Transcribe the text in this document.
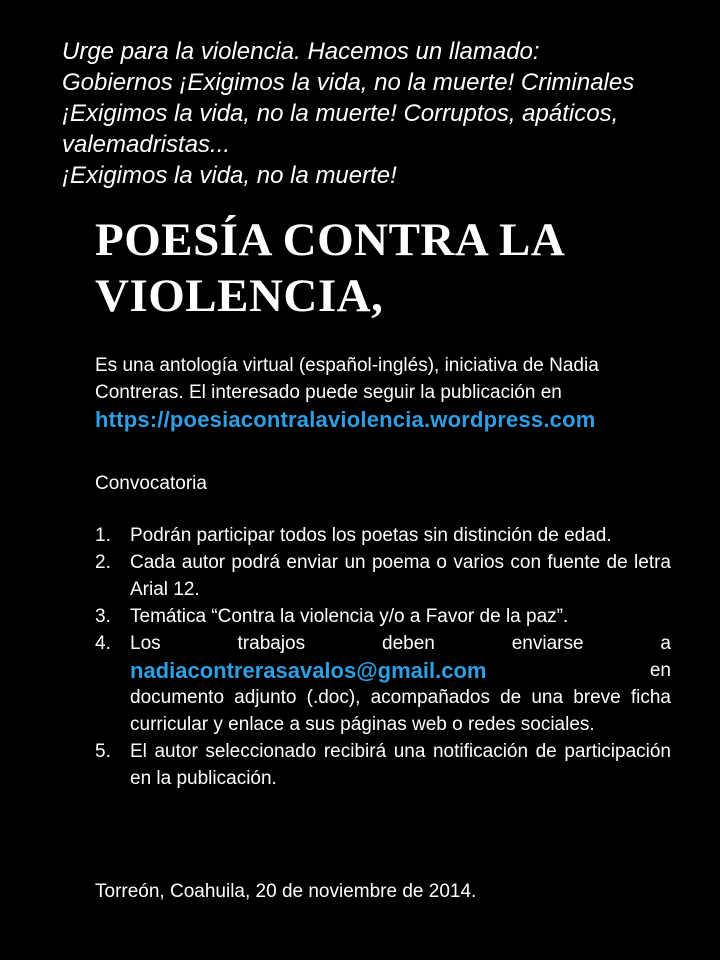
Urge para la violencia. Hacemos un llamado:
Gobiernos ¡Exigimos la vida, no la muerte! Criminales
¡Exigimos la vida, no la muerte! Corruptos, apáticos,
valemadristas...
¡Exigimos la vida, no la muerte!
POESÍA CONTRA LA
VIOLENCIA,
Es una antología virtual (español-inglés), iniciativa de Nadia
Contreras. El interesado puede seguir la publicación en
https://poesiacontralaviolencia.wordpress.com
Convocatoria
1. Podrán participar todos los poetas sin distinción de edad.
2. Cada autor podrá enviar un poema o varios con fuente de letra Arial 12.
3. Temática “Contra la violencia y/o a Favor de la paz”.
4. Los	trabajos	deben	enviarse	a
nadiacontrerasavalos@gmail.com	en
documento adjunto (.doc), acompañados de una breve ficha curricular y enlace a sus páginas web o redes sociales.
5. El autor seleccionado recibirá una notificación de participación en la publicación.
Torreón, Coahuila, 20 de noviembre de 2014.
